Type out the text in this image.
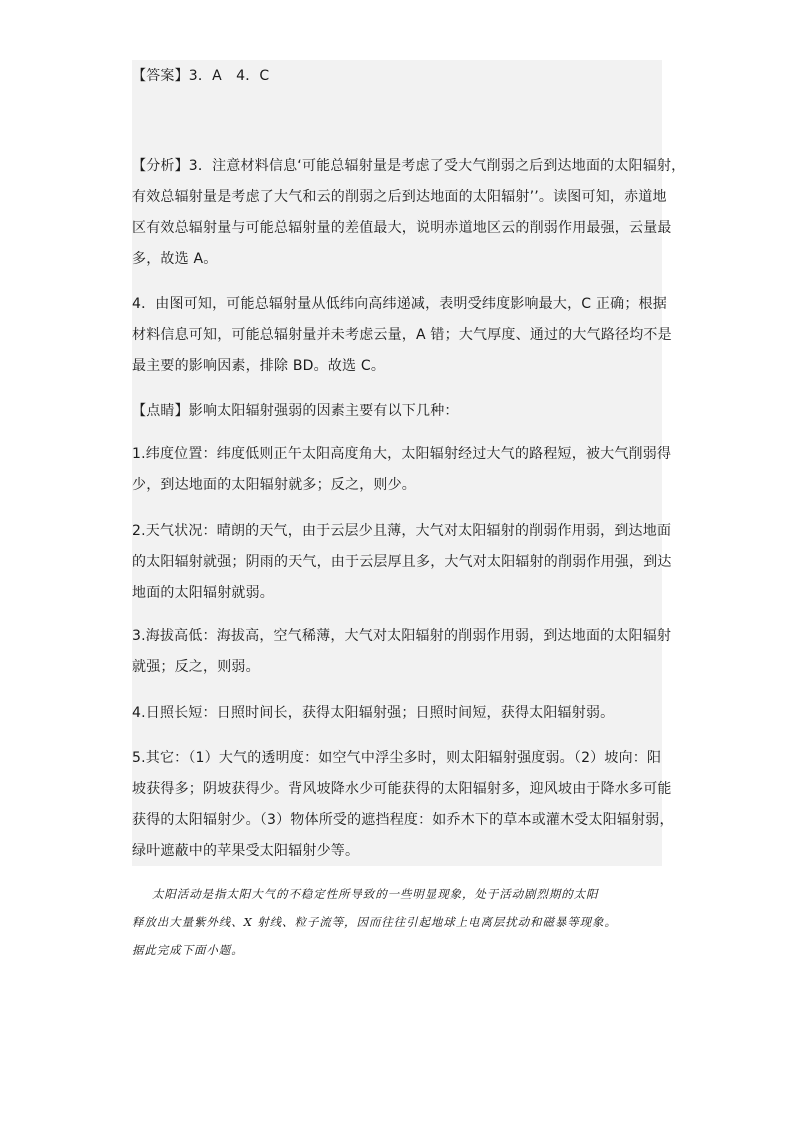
【答案】3．A　4．C
【分析】3．注意材料信息‘可能总辐射量是考虑了受大气削弱之后到达地面的太阳辐射，
有效总辐射量是考虑了大气和云的削弱之后到达地面的太阳辐射’’。读图可知，赤道地
区有效总辐射量与可能总辐射量的差值最大，说明赤道地区云的削弱作用最强，云量最
多，故选 A。
4．由图可知，可能总辐射量从低纬向高纬递减，表明受纬度影响最大，C 正确；根据
材料信息可知，可能总辐射量并未考虑云量，A 错；大气厚度、通过的大气路径均不是
最主要的影响因素，排除 BD。故选 C。
【点睛】影响太阳辐射强弱的因素主要有以下几种：
1.纬度位置：纬度低则正午太阳高度角大，太阳辐射经过大气的路程短，被大气削弱得
少，到达地面的太阳辐射就多；反之，则少。
2.天气状况：晴朗的天气，由于云层少且薄，大气对太阳辐射的削弱作用弱，到达地面
的太阳辐射就强；阴雨的天气，由于云层厚且多，大气对太阳辐射的削弱作用强，到达
地面的太阳辐射就弱。
3.海拔高低：海拔高，空气稀薄，大气对太阳辐射的削弱作用弱，到达地面的太阳辐射
就强；反之，则弱。
4.日照长短：日照时间长，获得太阳辐射强；日照时间短，获得太阳辐射弱。
5.其它：（1）大气的透明度：如空气中浮尘多时，则太阳辐射强度弱。（2）坡向：阳
坡获得多；阴坡获得少。背风坡降水少可能获得的太阳辐射多，迎风坡由于降水多可能
获得的太阳辐射少。（3）物体所受的遮挡程度：如乔木下的草本或灌木受太阳辐射弱，
绿叶遮蔽中的苹果受太阳辐射少等。
太阳活动是指太阳大气的不稳定性所导致的一些明显现象，处于活动剧烈期的太阳
释放出大量紫外线、X 射线、粒子流等，因而往往引起地球上电离层扰动和磁暴等现象。
据此完成下面小题。
